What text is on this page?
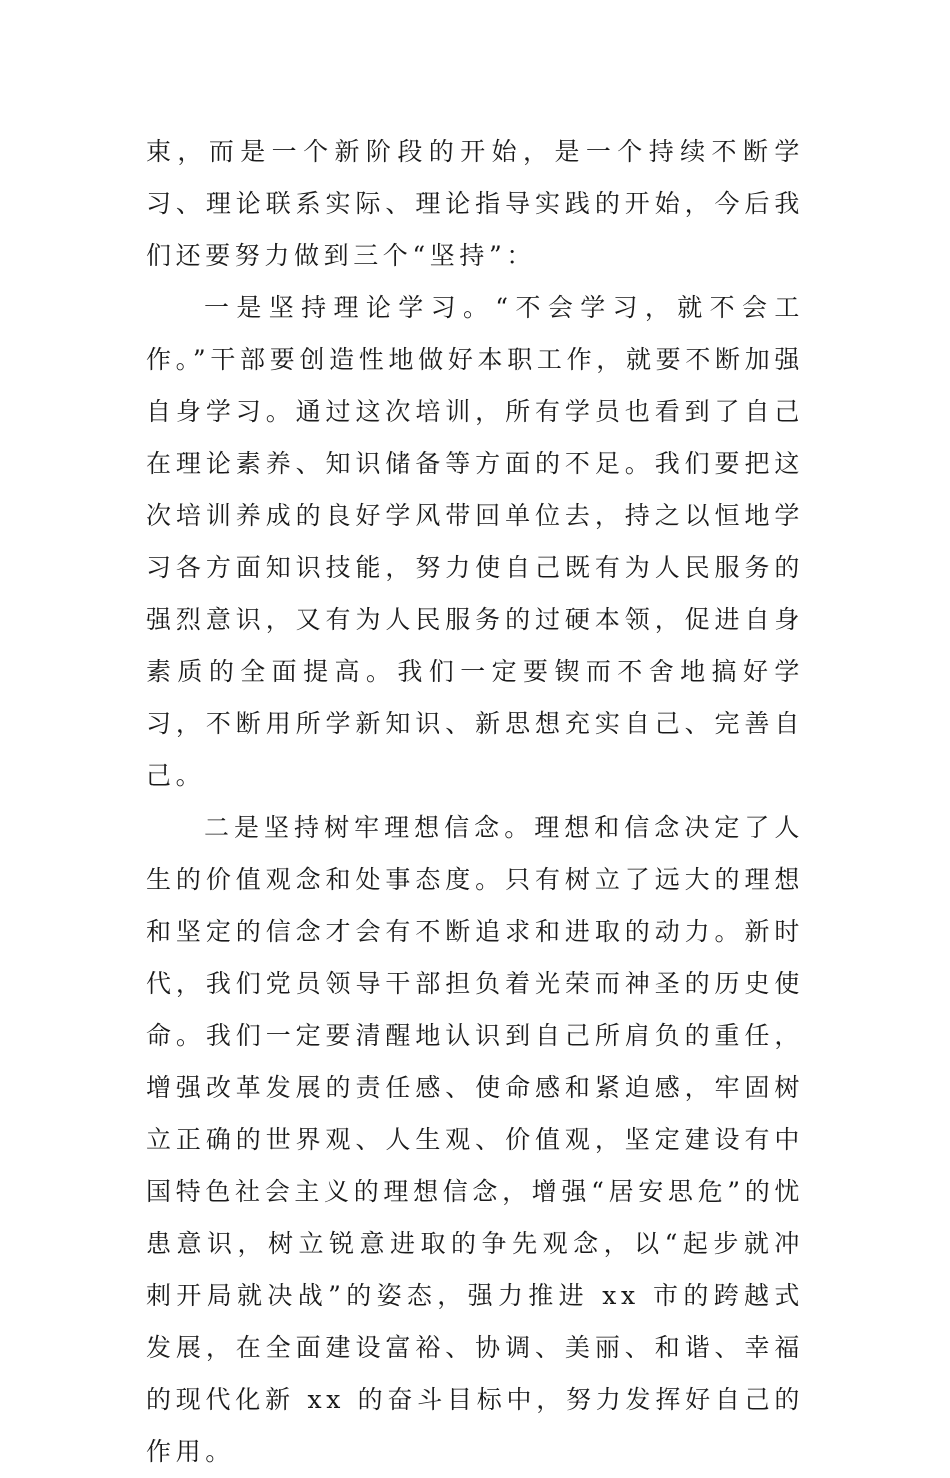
束，而是一个新阶段的开始，是一个持续不断学习、理论联系实际、理论指导实践的开始，今后我们还要努力做到三个“坚持”：

一是坚持理论学习。“不会学习，就不会工作。”干部要创造性地做好本职工作，就要不断加强自身学习。通过这次培训，所有学员也看到了自己在理论素养、知识储备等方面的不足。我们要把这次培训养成的良好学风带回单位去，持之以恒地学习各方面知识技能，努力使自己既有为人民服务的强烈意识，又有为人民服务的过硬本领，促进自身素质的全面提高。我们一定要锲而不舍地搞好学习，不断用所学新知识、新思想充实自己、完善自己。

二是坚持树牢理想信念。理想和信念决定了人生的价值观念和处事态度。只有树立了远大的理想和坚定的信念才会有不断追求和进取的动力。新时代，我们党员领导干部担负着光荣而神圣的历史使命。我们一定要清醒地认识到自己所肩负的重任，增强改革发展的责任感、使命感和紧迫感，牢固树立正确的世界观、人生观、价值观，坚定建设有中国特色社会主义的理想信念，增强“居安思危”的忧患意识，树立锐意进取的争先观念，以“起步就冲刺开局就决战”的姿态，强力推进 xx 市的跨越式发展，在全面建设富裕、协调、美丽、和谐、幸福的现代化新 xx 的奋斗目标中，努力发挥好自己的作用。
